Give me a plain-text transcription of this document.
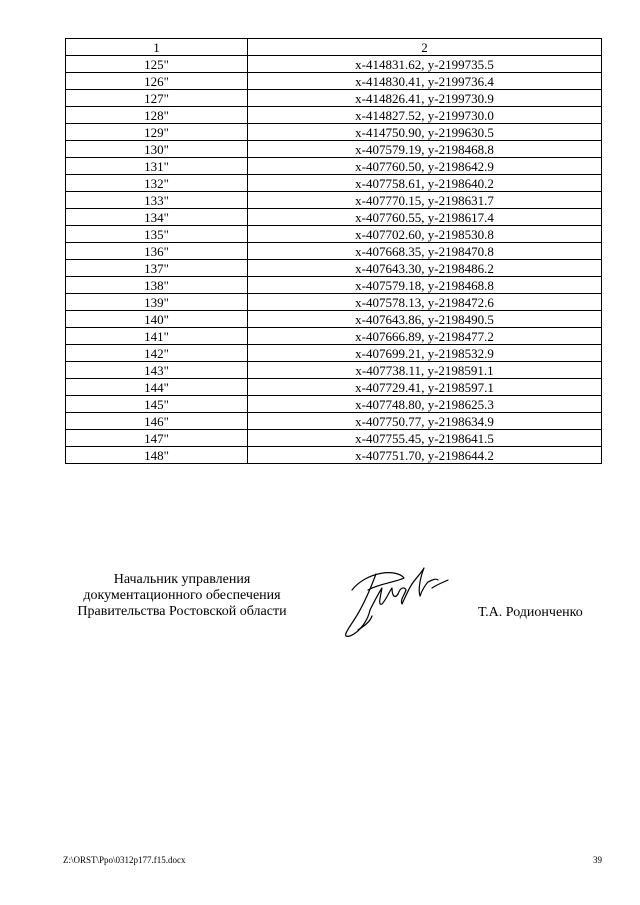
1	2
125"	x-414831.62, y-2199735.5
126"	x-414830.41, y-2199736.4
127"	x-414826.41, y-2199730.9
128"	x-414827.52, y-2199730.0
129"	x-414750.90, y-2199630.5
130"	x-407579.19, y-2198468.8
131"	x-407760.50, y-2198642.9
132"	x-407758.61, y-2198640.2
133"	x-407770.15, y-2198631.7
134"	x-407760.55, y-2198617.4
135"	x-407702.60, y-2198530.8
136"	x-407668.35, y-2198470.8
137"	x-407643.30, y-2198486.2
138"	x-407579.18, y-2198468.8
139"	x-407578.13, y-2198472.6
140"	x-407643.86, y-2198490.5
141"	x-407666.89, y-2198477.2
142"	x-407699.21, y-2198532.9
143"	x-407738.11, y-2198591.1
144"	x-407729.41, y-2198597.1
145"	x-407748.80, y-2198625.3
146"	x-407750.77, y-2198634.9
147"	x-407755.45, y-2198641.5
148"	x-407751.70, y-2198644.2
Начальник управления
документационного обеспечения
Правительства Ростовской области	Т.А. Родионченко
Z:\ORST\Ppo\0312p177.f15.docx	39
